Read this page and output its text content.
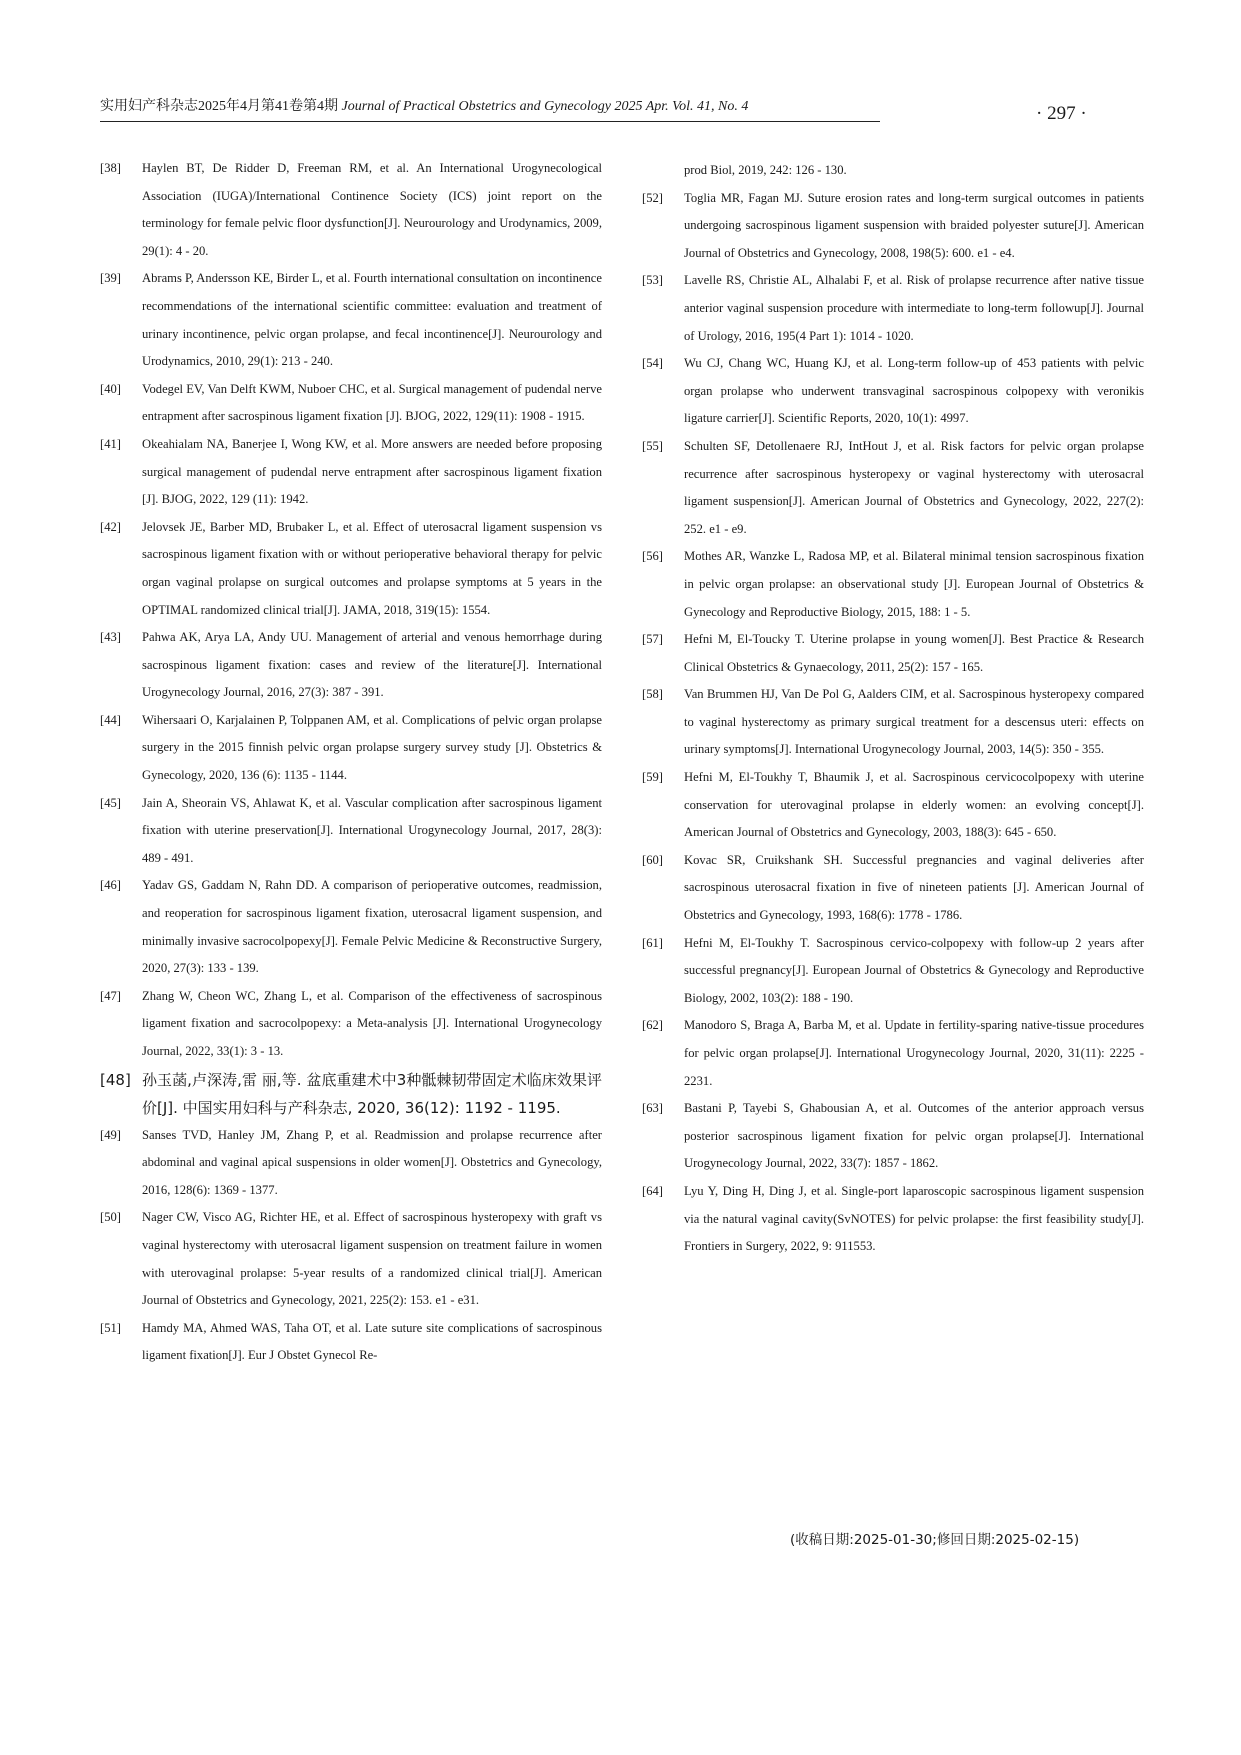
实用妇产科杂志2025年4月第41卷第4期 Journal of Practical Obstetrics and Gynecology 2025 Apr. Vol. 41, No. 4	· 297 ·

[38] Haylen BT, De Ridder D, Freeman RM, et al. An International Urogynecological Association (IUGA)/International Continence Society (ICS) joint report on the terminology for female pelvic floor dysfunction[J]. Neurourology and Urodynamics, 2009, 29(1): 4 - 20.

[39] Abrams P, Andersson KE, Birder L, et al. Fourth international consultation on incontinence recommendations of the international scientific committee: evaluation and treatment of urinary incontinence, pelvic organ prolapse, and fecal incontinence[J]. Neurourology and Urodynamics, 2010, 29(1): 213 - 240.

[40] Vodegel EV, Van Delft KWM, Nuboer CHC, et al. Surgical management of pudendal nerve entrapment after sacrospinous ligament fixation [J]. BJOG, 2022, 129(11): 1908 - 1915.

[41] Okeahialam NA, Banerjee I, Wong KW, et al. More answers are needed before proposing surgical management of pudendal nerve entrapment after sacrospinous ligament fixation [J]. BJOG, 2022, 129 (11): 1942.

[42] Jelovsek JE, Barber MD, Brubaker L, et al. Effect of uterosacral ligament suspension vs sacrospinous ligament fixation with or without perioperative behavioral therapy for pelvic organ vaginal prolapse on surgical outcomes and prolapse symptoms at 5 years in the OPTIMAL randomized clinical trial[J]. JAMA, 2018, 319(15): 1554.

[43] Pahwa AK, Arya LA, Andy UU. Management of arterial and venous hemorrhage during sacrospinous ligament fixation: cases and review of the literature[J]. International Urogynecology Journal, 2016, 27(3): 387 - 391.

[44] Wihersaari O, Karjalainen P, Tolppanen AM, et al. Complications of pelvic organ prolapse surgery in the 2015 finnish pelvic organ prolapse surgery survey study [J]. Obstetrics & Gynecology, 2020, 136 (6): 1135 - 1144.

[45] Jain A, Sheorain VS, Ahlawat K, et al. Vascular complication after sacrospinous ligament fixation with uterine preservation[J]. International Urogynecology Journal, 2017, 28(3): 489 - 491.

[46] Yadav GS, Gaddam N, Rahn DD. A comparison of perioperative outcomes, readmission, and reoperation for sacrospinous ligament fixation, uterosacral ligament suspension, and minimally invasive sacrocolpopexy[J]. Female Pelvic Medicine & Reconstructive Surgery, 2020, 27(3): 133 - 139.

[47] Zhang W, Cheon WC, Zhang L, et al. Comparison of the effectiveness of sacrospinous ligament fixation and sacrocolpopexy: a Meta-analysis [J]. International Urogynecology Journal, 2022, 33(1): 3 - 13.

[48] 孙玉菡,卢深涛,雷 丽,等. 盆底重建术中3种骶棘韧带固定术临床效果评价[J]. 中国实用妇科与产科杂志, 2020, 36(12): 1192 - 1195.

[49] Sanses TVD, Hanley JM, Zhang P, et al. Readmission and prolapse recurrence after abdominal and vaginal apical suspensions in older women[J]. Obstetrics and Gynecology, 2016, 128(6): 1369 - 1377.

[50] Nager CW, Visco AG, Richter HE, et al. Effect of sacrospinous hysteropexy with graft vs vaginal hysterectomy with uterosacral ligament suspension on treatment failure in women with uterovaginal prolapse: 5-year results of a randomized clinical trial[J]. American Journal of Obstetrics and Gynecology, 2021, 225(2): 153. e1 - e31.

[51] Hamdy MA, Ahmed WAS, Taha OT, et al. Late suture site complications of sacrospinous ligament fixation[J]. Eur J Obstet Gynecol Re-

prod Biol, 2019, 242: 126 - 130.

[52] Toglia MR, Fagan MJ. Suture erosion rates and long-term surgical outcomes in patients undergoing sacrospinous ligament suspension with braided polyester suture[J]. American Journal of Obstetrics and Gynecology, 2008, 198(5): 600. e1 - e4.

[53] Lavelle RS, Christie AL, Alhalabi F, et al. Risk of prolapse recurrence after native tissue anterior vaginal suspension procedure with intermediate to long-term followup[J]. Journal of Urology, 2016, 195(4 Part 1): 1014 - 1020.

[54] Wu CJ, Chang WC, Huang KJ, et al. Long-term follow-up of 453 patients with pelvic organ prolapse who underwent transvaginal sacrospinous colpopexy with veronikis ligature carrier[J]. Scientific Reports, 2020, 10(1): 4997.

[55] Schulten SF, Detollenaere RJ, IntHout J, et al. Risk factors for pelvic organ prolapse recurrence after sacrospinous hysteropexy or vaginal hysterectomy with uterosacral ligament suspension[J]. American Journal of Obstetrics and Gynecology, 2022, 227(2): 252. e1 - e9.

[56] Mothes AR, Wanzke L, Radosa MP, et al. Bilateral minimal tension sacrospinous fixation in pelvic organ prolapse: an observational study [J]. European Journal of Obstetrics & Gynecology and Reproductive Biology, 2015, 188: 1 - 5.

[57] Hefni M, El-Toucky T. Uterine prolapse in young women[J]. Best Practice & Research Clinical Obstetrics & Gynaecology, 2011, 25(2): 157 - 165.

[58] Van Brummen HJ, Van De Pol G, Aalders CIM, et al. Sacrospinous hysteropexy compared to vaginal hysterectomy as primary surgical treatment for a descensus uteri: effects on urinary symptoms[J]. International Urogynecology Journal, 2003, 14(5): 350 - 355.

[59] Hefni M, El-Toukhy T, Bhaumik J, et al. Sacrospinous cervicocolpopexy with uterine conservation for uterovaginal prolapse in elderly women: an evolving concept[J]. American Journal of Obstetrics and Gynecology, 2003, 188(3): 645 - 650.

[60] Kovac SR, Cruikshank SH. Successful pregnancies and vaginal deliveries after sacrospinous uterosacral fixation in five of nineteen patients [J]. American Journal of Obstetrics and Gynecology, 1993, 168(6): 1778 - 1786.

[61] Hefni M, El-Toukhy T. Sacrospinous cervico-colpopexy with follow-up 2 years after successful pregnancy[J]. European Journal of Obstetrics & Gynecology and Reproductive Biology, 2002, 103(2): 188 - 190.

[62] Manodoro S, Braga A, Barba M, et al. Update in fertility-sparing native-tissue procedures for pelvic organ prolapse[J]. International Urogynecology Journal, 2020, 31(11): 2225 - 2231.

[63] Bastani P, Tayebi S, Ghabousian A, et al. Outcomes of the anterior approach versus posterior sacrospinous ligament fixation for pelvic organ prolapse[J]. International Urogynecology Journal, 2022, 33(7): 1857 - 1862.

[64] Lyu Y, Ding H, Ding J, et al. Single-port laparoscopic sacrospinous ligament suspension via the natural vaginal cavity(SvNOTES) for pelvic prolapse: the first feasibility study[J]. Frontiers in Surgery, 2022, 9: 911553.

(收稿日期:2025-01-30;修回日期:2025-02-15)
